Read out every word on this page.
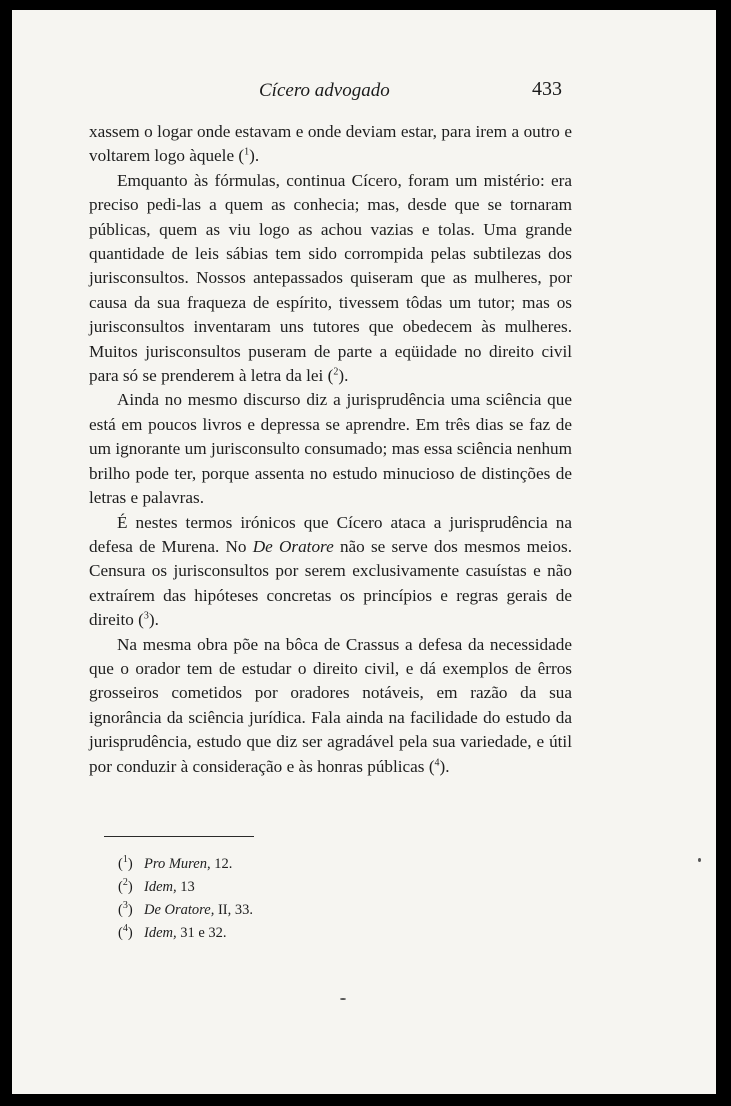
Cícero advogado	433

xassem o logar onde estavam e onde deviam estar, para irem a outro e voltarem logo àquele ($^1$).

Emquanto às fórmulas, continua Cícero, foram um mistério: era preciso pedi-las a quem as conhecia; mas, desde que se tornaram públicas, quem as viu logo as achou vazias e tolas. Uma grande quantidade de leis sábias tem sido corrompida pelas subtilezas dos jurisconsultos. Nossos antepassados quiseram que as mulheres, por causa da sua fraqueza de espírito, tivessem tôdas um tutor; mas os jurisconsultos inventaram uns tutores que obedecem às mulheres. Muitos jurisconsultos puseram de parte a eqüidade no direito civil para só se prenderem à letra da lei ($^2$).

Ainda no mesmo discurso diz a jurisprudência uma sciência que está em poucos livros e depressa se aprendre. Em três dias se faz de um ignorante um jurisconsulto consumado; mas essa sciência nenhum brilho pode ter, porque assenta no estudo minucioso de distinções de letras e palavras.

É nestes termos irónicos que Cícero ataca a jurisprudência na defesa de Murena. No De Oratore não se serve dos mesmos meios. Censura os jurisconsultos por serem exclusivamente casuístas e não extraírem das hipóteses concretas os princípios e regras gerais de direito ($^3$).

Na mesma obra põe na bôca de Crassus a defesa da necessidade que o orador tem de estudar o direito civil, e dá exemplos de êrros grosseiros cometidos por oradores notáveis, em razão da sua ignorância da sciência jurídica. Fala ainda na facilidade do estudo da jurisprudência, estudo que diz ser agradável pela sua variedade, e útil por conduzir à consideração e às honras públicas ($^4$).

($^1$) Pro Muren, 12.
($^2$) Idem, 13
($^3$) De Oratore, II, 33.
($^4$) Idem, 31 e 32.
